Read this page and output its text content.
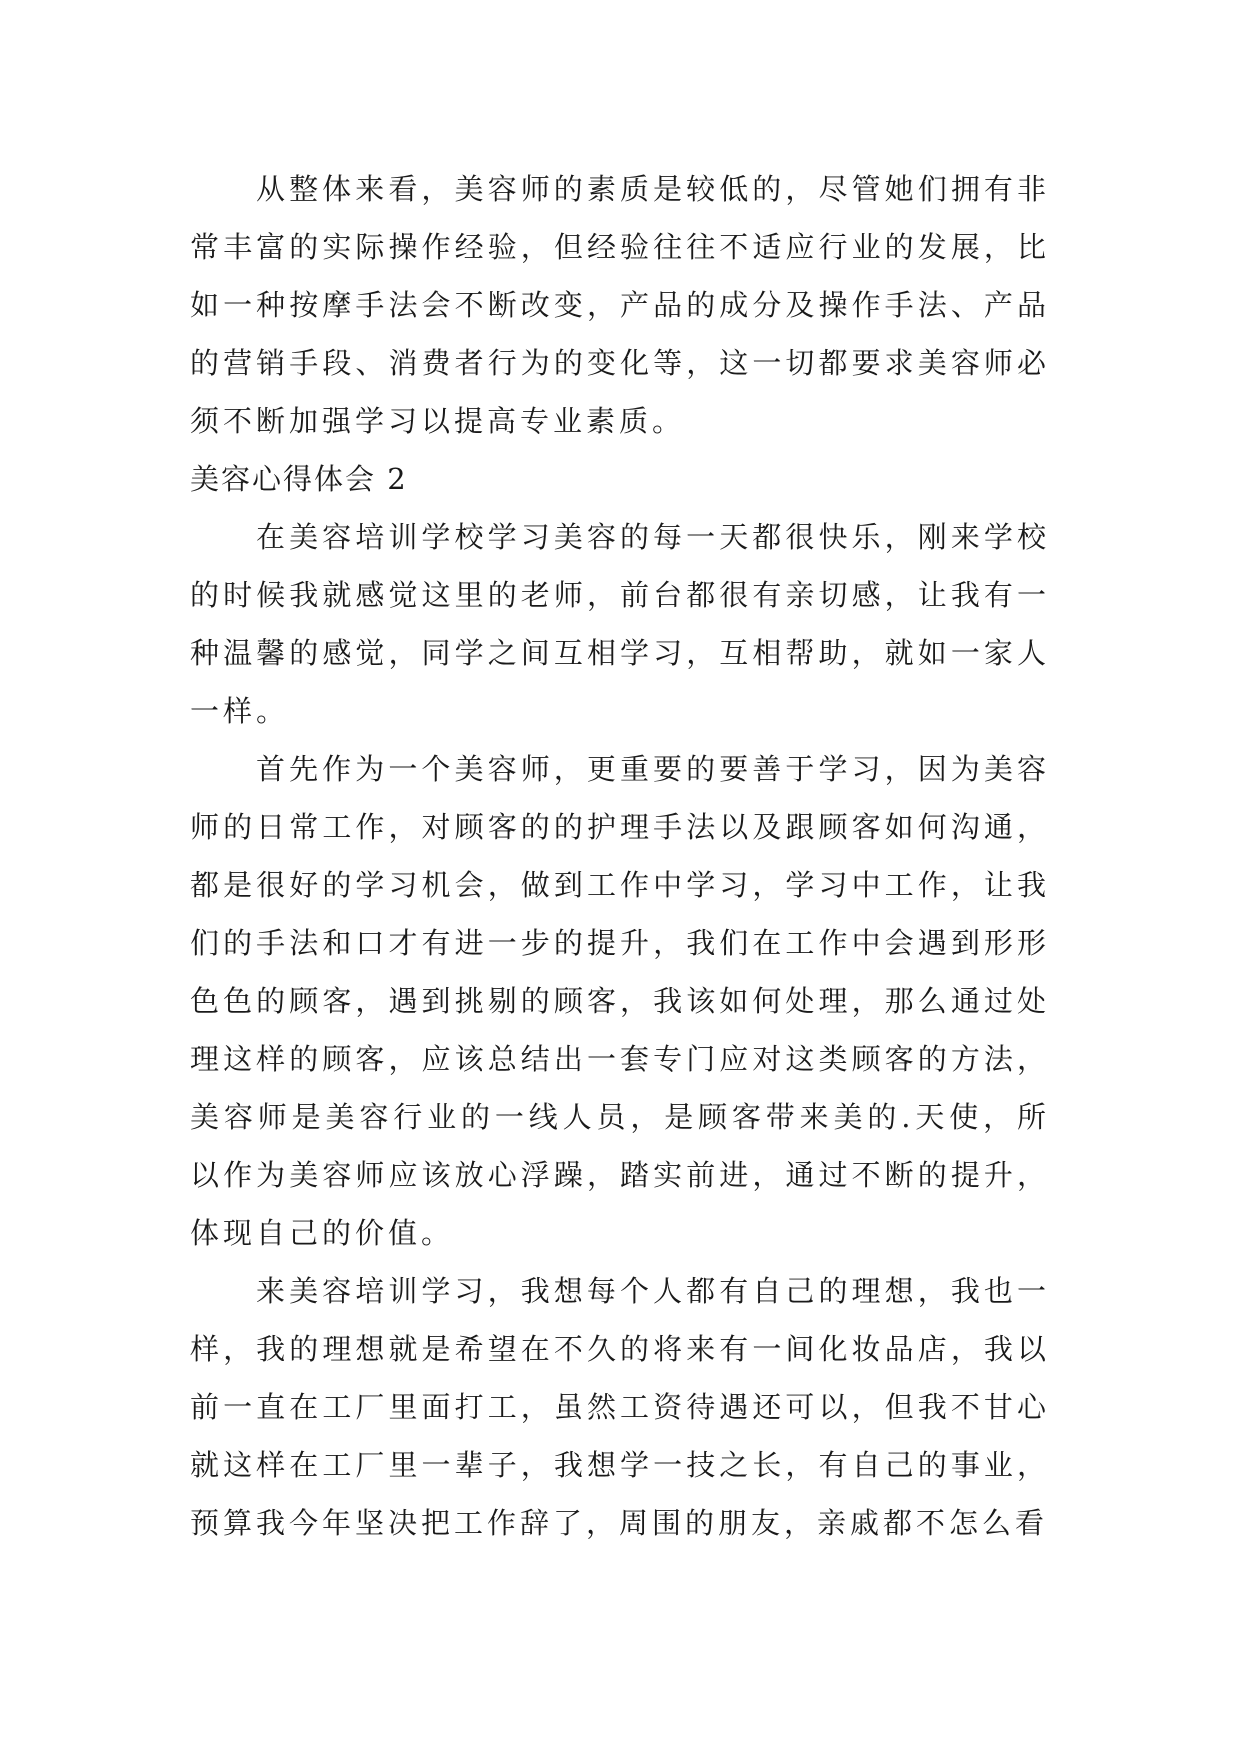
从整体来看，美容师的素质是较低的，尽管她们拥有非常丰富的实际操作经验，但经验往往不适应行业的发展，比如一种按摩手法会不断改变，产品的成分及操作手法、产品的营销手段、消费者行为的变化等，这一切都要求美容师必须不断加强学习以提高专业素质。

美容心得体会 2

在美容培训学校学习美容的每一天都很快乐，刚来学校的时候我就感觉这里的老师，前台都很有亲切感，让我有一种温馨的感觉，同学之间互相学习，互相帮助，就如一家人一样。

首先作为一个美容师，更重要的要善于学习，因为美容师的日常工作，对顾客的的护理手法以及跟顾客如何沟通，都是很好的学习机会，做到工作中学习，学习中工作，让我们的手法和口才有进一步的提升，我们在工作中会遇到形形色色的顾客，遇到挑剔的顾客，我该如何处理，那么通过处理这样的顾客，应该总结出一套专门应对这类顾客的方法，美容师是美容行业的一线人员，是顾客带来美的.天使，所以作为美容师应该放心浮躁，踏实前进，通过不断的提升，体现自己的价值。

来美容培训学习，我想每个人都有自己的理想，我也一样，我的理想就是希望在不久的将来有一间化妆品店，我以前一直在工厂里面打工，虽然工资待遇还可以，但我不甘心就这样在工厂里一辈子，我想学一技之长，有自己的事业，预算我今年坚决把工作辞了，周围的朋友，亲戚都不怎么看
